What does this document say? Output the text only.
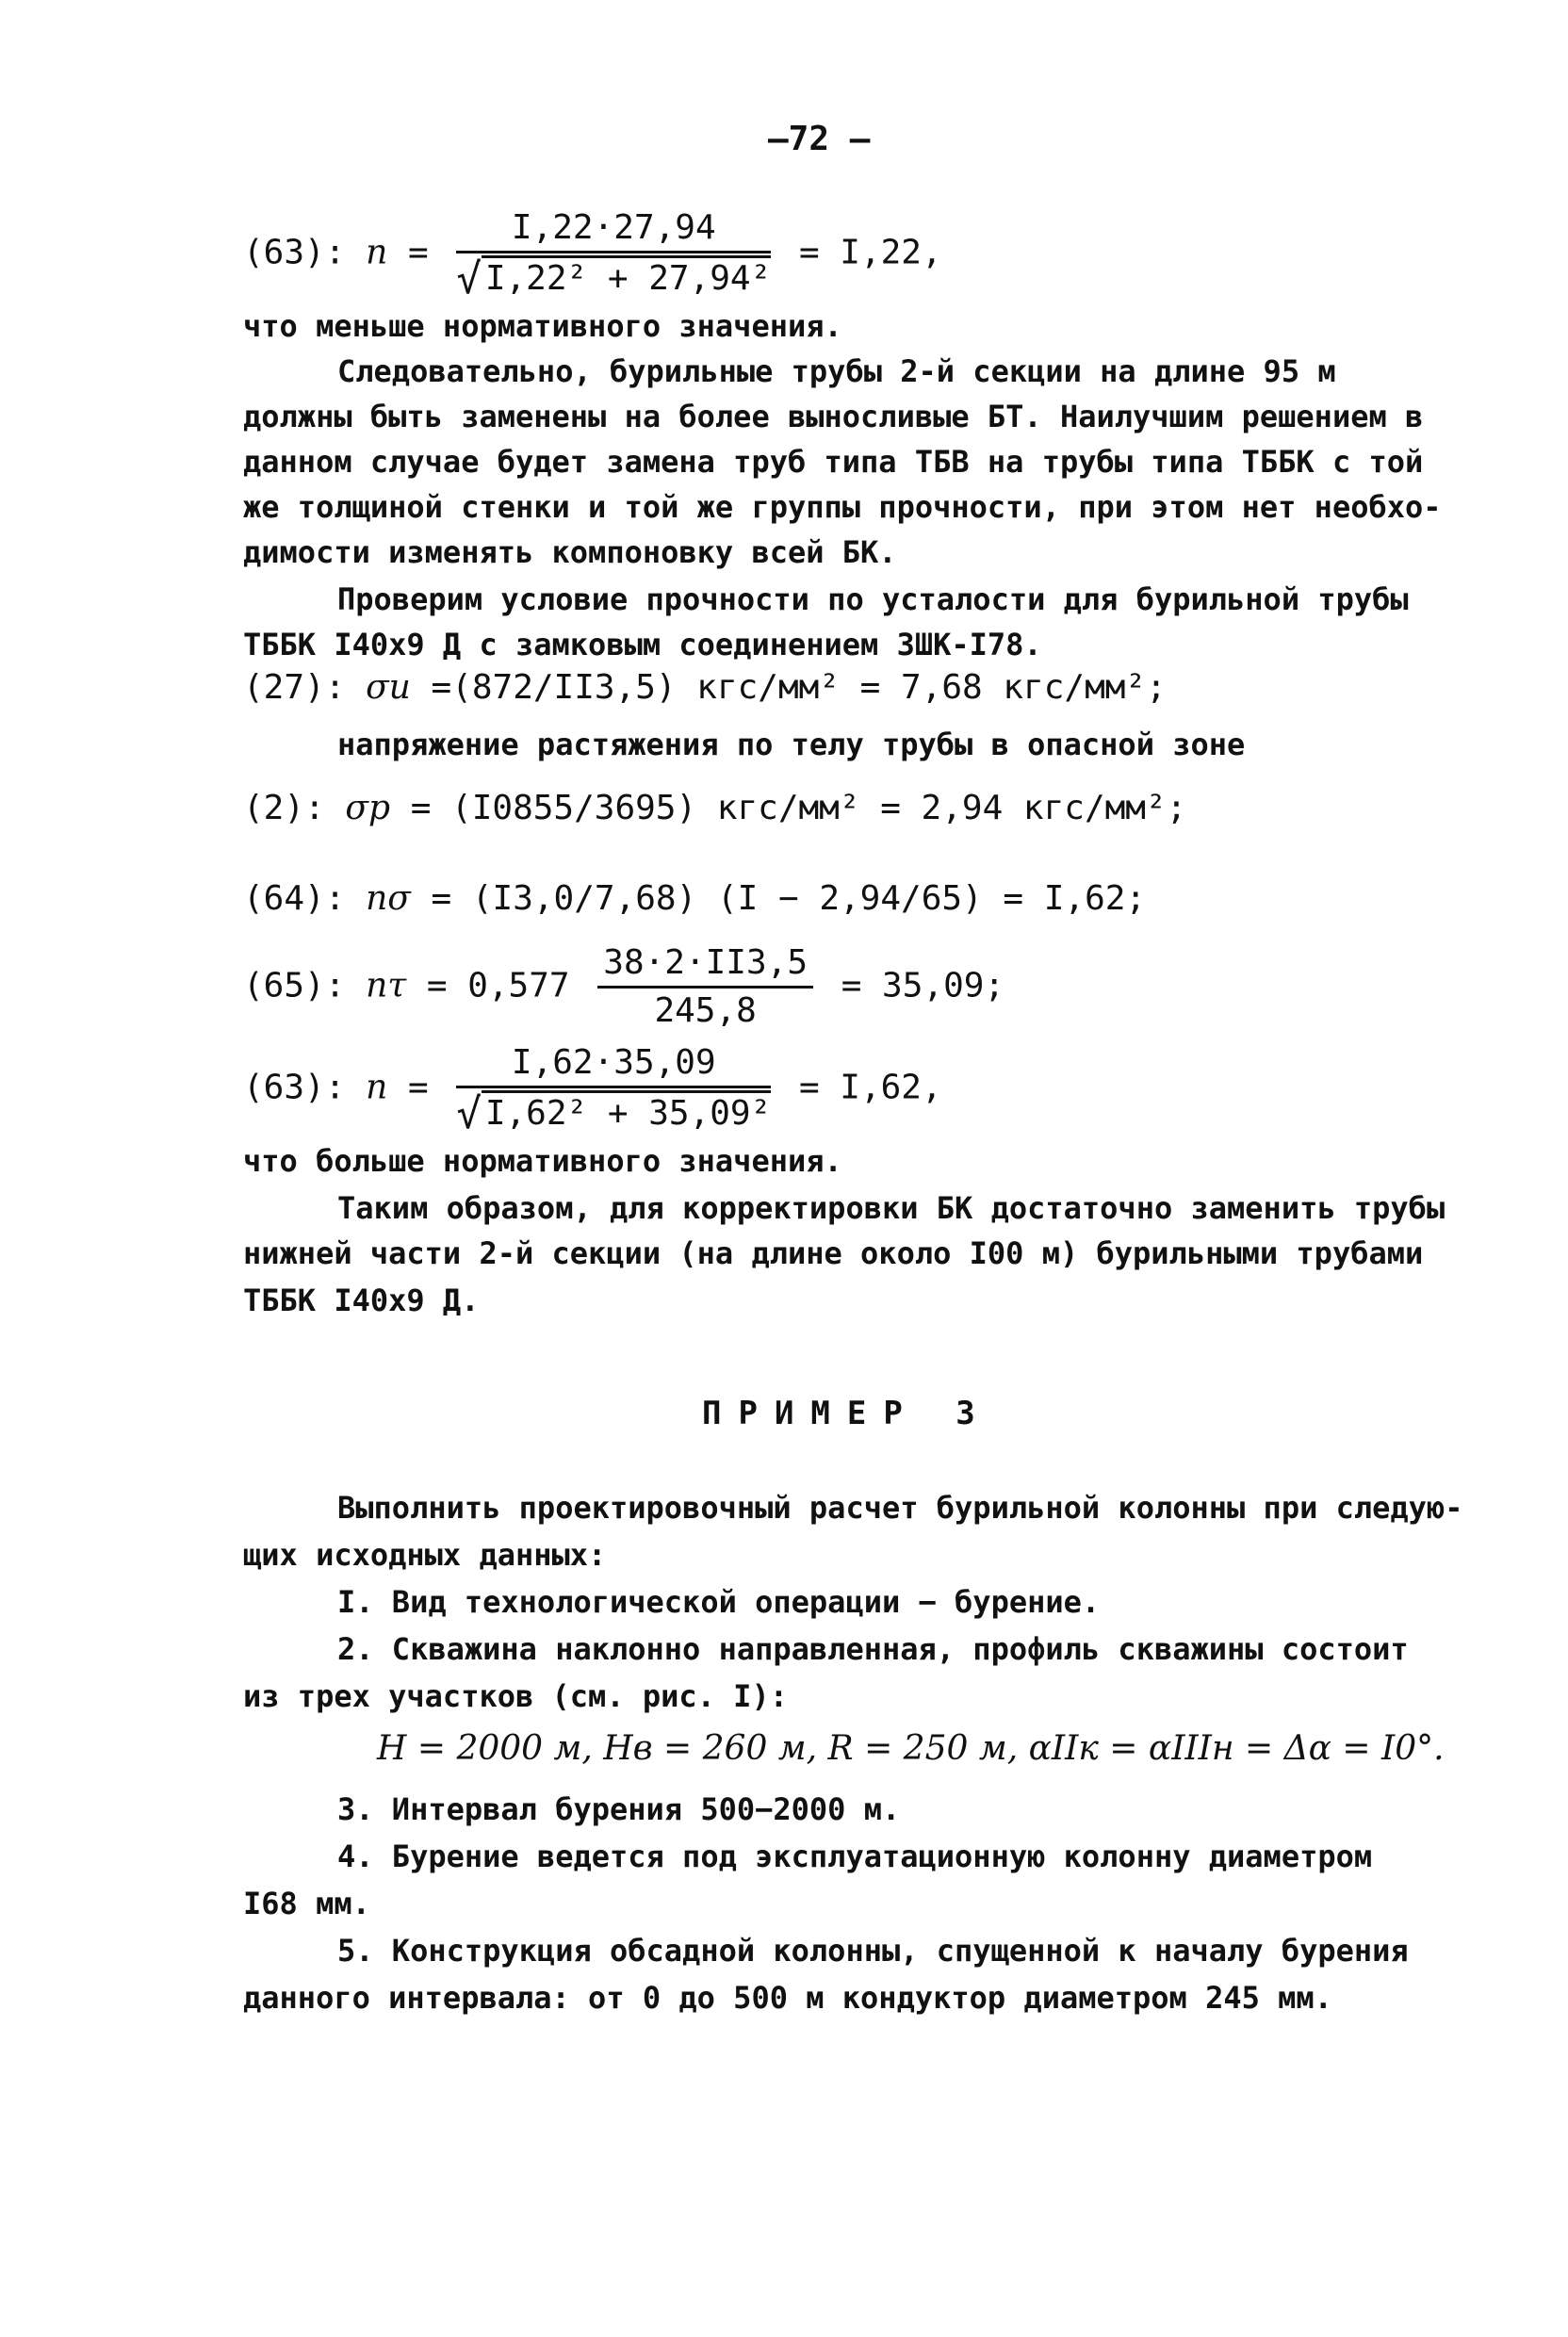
—72 —
(63): $n = \frac{I,22\cdot 27,94}{\text{√ I,22² + 27,94²}} = I,22$,
что меньше нормативного значения.
Следовательно, бурильные трубы 2-й секции на длине 95 м
должны быть заменены на более выносливые БТ. Наилучшим решением в
данном случае будет замена труб типа ТБВ на трубы типа ТББК с той
же толщиной стенки и той же группы прочности, при этом нет необхо-
димости изменять компоновку всей БК.
Проверим условие прочности по усталости для бурильной трубы
ТББК I40х9 Д с замковым соединением ЗШК-I78.
(27): σи =(872/II3,5) кгс/мм² = 7,68 кгс/мм²;
напряжение растяжения по телу трубы в опасной зоне
(2): σр = (I0855/3695) кгс/мм² = 2,94 кгс/мм²;
(64): nσ = (I3,0/7,68) (I − 2,94/65) = I,62;
(65): $n\tau = 0,577 \frac{38\cdot 2\cdot II3,5}{245,8} = 35,09$;
(63): $n = \frac{I,62\cdot 35,09}{\text{√ I,62² + 35,09²}} = I,62$,
что больше нормативного значения.
Таким образом, для корректировки БК достаточно заменить трубы
нижней части 2-й секции (на длине около I00 м) бурильными трубами
ТББК I40х9 Д.
ПРИМЕР 3
Выполнить проектировочный расчет бурильной колонны при следую-
щих исходных данных:
I. Вид технологической операции − бурение.
2. Скважина наклонно направленная, профиль скважины состоит
из трех участков (см. рис. I):
Н = 2000 м, Нв = 260 м, R = 250 м, αIIк = αIIIн = Δα = I0°.
3. Интервал бурения 500−2000 м.
4. Бурение ведется под эксплуатационную колонну диаметром
I68 мм.
5. Конструкция обсадной колонны, спущенной к началу бурения
данного интервала: от 0 до 500 м кондуктор диаметром 245 мм.
